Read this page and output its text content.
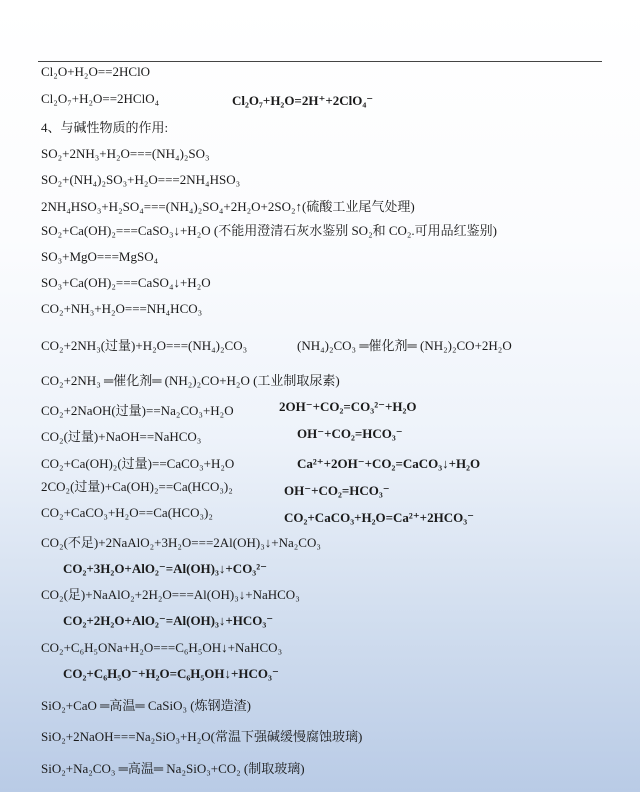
Cl₂O+H₂O==2HClO
Cl₂O₇+H₂O==2HClO₄	Cl₂O₇+H₂O=2H⁺+2ClO₄⁻
4、与碱性物质的作用:
SO₂+2NH₃+H₂O===(NH₄)₂SO₃
SO₂+(NH₄)₂SO₃+H₂O===2NH₄HSO₃
2NH₄HSO₃+H₂SO₄===(NH₄)₂SO₄+2H₂O+2SO₂↑(硫酸工业尾气处理)
SO₂+Ca(OH)₂===CaSO₃↓+H₂O (不能用澄清石灰水鉴别 SO₂和 CO₂.可用品红鉴别)
SO₃+MgO===MgSO₄
SO₃+Ca(OH)₂===CaSO₄↓+H₂O
CO₂+NH₃+H₂O===NH₄HCO₃
CO₂+2NH₃(过量)+H₂O===(NH₄)₂CO₃	(NH₄)₂CO₃ ═催化剂═ (NH₂)₂CO+2H₂O
CO₂+2NH₃ ═催化剂═ (NH₂)₂CO+H₂O (工业制取尿素)
CO₂+2NaOH(过量)==Na₂CO₃+H₂O	2OH⁻+CO₂=CO₃²⁻+H₂O
CO₂(过量)+NaOH==NaHCO₃	OH⁻+CO₂=HCO₃⁻
CO₂+Ca(OH)₂(过量)==CaCO₃+H₂O	Ca²⁺+2OH⁻+CO₂=CaCO₃↓+H₂O
2CO₂(过量)+Ca(OH)₂==Ca(HCO₃)₂	OH⁻+CO₂=HCO₃⁻
CO₂+CaCO₃+H₂O==Ca(HCO₃)₂	CO₂+CaCO₃+H₂O=Ca²⁺+2HCO₃⁻
CO₂(不足)+2NaAlO₂+3H₂O===2Al(OH)₃↓+Na₂CO₃
CO₂+3H₂O+AlO₂⁻=Al(OH)₃↓+CO₃²⁻
CO₂(足)+NaAlO₂+2H₂O===Al(OH)₃↓+NaHCO₃
CO₂+2H₂O+AlO₂⁻=Al(OH)₃↓+HCO₃⁻
CO₂+C₆H₅ONa+H₂O===C₆H₅OH↓+NaHCO₃
CO₂+C₆H₅O⁻+H₂O=C₆H₅OH↓+HCO₃⁻
SiO₂+CaO ═高温═ CaSiO₃ (炼钢造渣)
SiO₂+2NaOH===Na₂SiO₃+H₂O(常温下强碱缓慢腐蚀玻璃)
SiO₂+Na₂CO₃ ═高温═ Na₂SiO₃+CO₂ (制取玻璃)
